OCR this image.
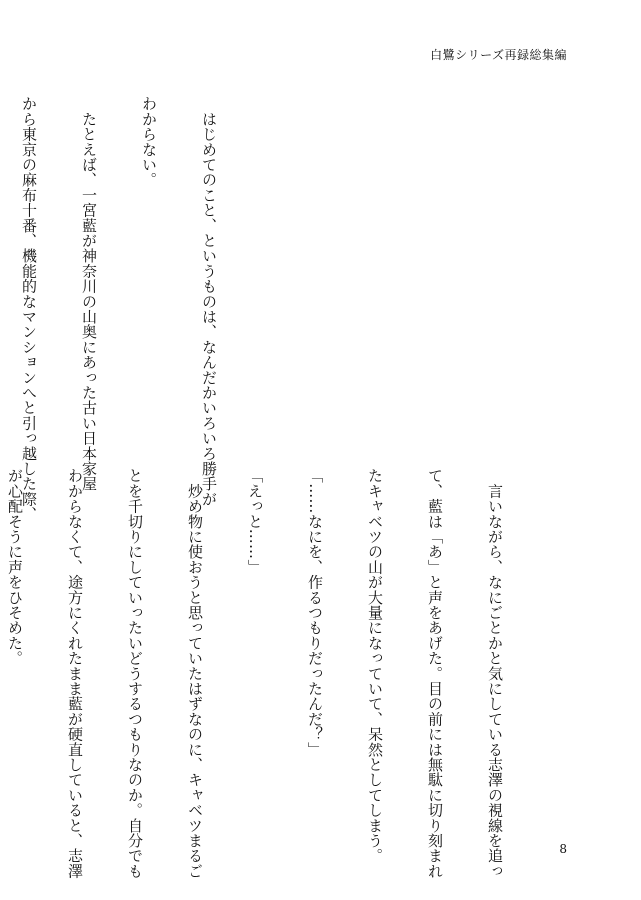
白鷺シリーズ再録総集編

　はじめてのこと、というものは、なんだかいろいろ勝手が

わからない。

　たとえば、一宮藍が神奈川の山奥にあった古い日本家屋

から東京の麻布十番、機能的なマンションへと引っ越した際、

　言いながら、なにごとかと気にしている志澤の視線を追っ

て、藍は「あ」と声をあげた。目の前には無駄に切り刻まれ

たキャベツの山が大量になっていて、呆然としてしまう。

「……なにを、作るつもりだったんだ？」

「えっと……」

　炒め物に使おうと思っていたはずなのに、キャベツまるご

とを千切りにしていったいどうするつもりなのか。自分でも

わからなくて、途方にくれたまま藍が硬直していると、志澤

が心配そうに声をひそめた。

8
